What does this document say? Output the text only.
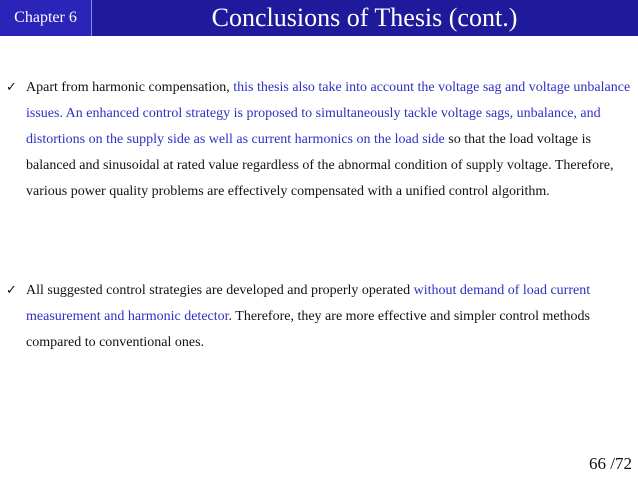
Chapter 6	Conclusions of Thesis (cont.)
✓ Apart from harmonic compensation, this thesis also take into account the voltage sag and voltage unbalance issues. An enhanced control strategy is proposed to simultaneously tackle voltage sags, unbalance, and distortions on the supply side as well as current harmonics on the load side so that the load voltage is balanced and sinusoidal at rated value regardless of the abnormal condition of supply voltage. Therefore, various power quality problems are effectively compensated with a unified control algorithm.

✓ All suggested control strategies are developed and properly operated without demand of load current measurement and harmonic detector. Therefore, they are more effective and simpler control methods compared to conventional ones.

66 /72
